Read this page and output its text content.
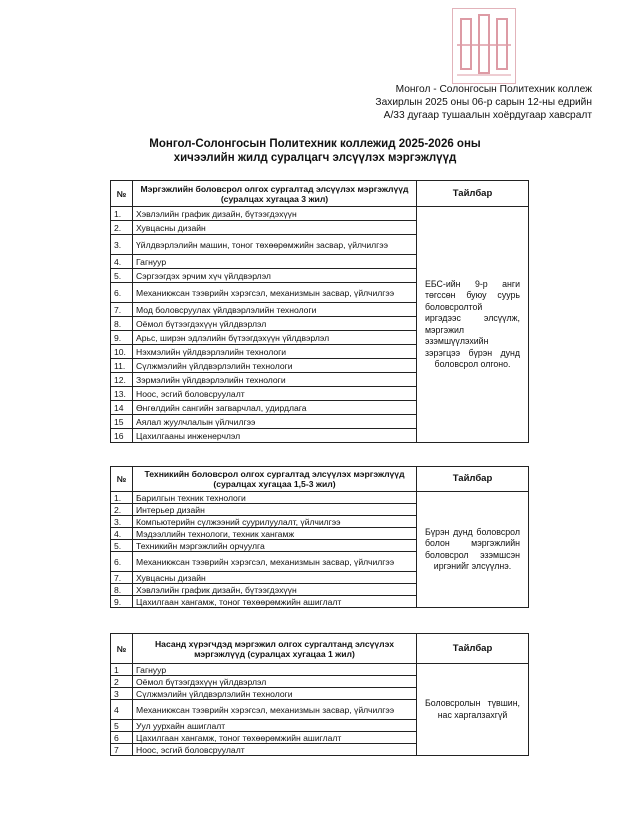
Монгол - Солонгосын Политехник коллеж
Захирлын 2025 оны 06-р сарын 12-ны едрийн
А/33 дугаар тушаалын хоёрдугаар хавсралт
Монгол-Солонгосын Политехник коллежид 2025-2026 оны
хичээлийн жилд суралцагч элсүүлэх мэргэжлүүд
№	Мэргэжлийн боловсрол олгох сургалтад элсүүлэх мэргэжлүүд (суралцах хугацаа 3 жил)	Тайлбар
1.	Хэвлэлийн график дизайн, бүтээгдэхүүн	ЕБС-ийн 9-р анги төгссөн буюу суурь боловсролтой иргэдээс элсүүлж, мэргэжил эзэмшүүлэхийн зэрэгцээ бүрэн дунд боловсрол олгоно.
2.	Хувцасны дизайн	
3.	Үйлдвэрлэлийн машин, тоног төхөөрөмжийн засвар, үйлчилгээ	
4.	Гагнуур	
5.	Сэргээгдэх эрчим хүч үйлдвэрлэл	
6.	Механикжсан тээврийн хэрэгсэл, механизмын засвар, үйлчилгээ	
7.	Мод боловсруулах үйлдвэрлэлийн технологи	
8.	Оёмол бүтээгдэхүүн үйлдвэрлэл	
9.	Арьс, ширэн эдлэлийн бүтээгдэхүүн үйлдвэрлэл	
10.	Нэхмэлийн үйлдвэрлэлийн технологи	
11.	Сүлжмэлийн үйлдвэрлэлийн технологи	
12.	Зэрмэлийн үйлдвэрлэлийн технологи	
13.	Ноос, эсгий боловсруулалт	
14	Өнгөлдийн сангийн загварчлал, удирдлага	
15	Аялал жуулчлалын үйлчилгээ	
16	Цахилгааны инженерчлэл	
№	Техникийн боловсрол олгох сургалтад элсүүлэх мэргэжлүүд (суралцах хугацаа 1,5-3 жил)	Тайлбар
1.	Барилгын техник технологи	Бүрэн дунд боловсрол болон мэргэжлийн боловсрол эзэмшсэн иргэнийг элсүүлнэ.
2.	Интерьер дизайн	
3.	Компьютерийн сүлжээний суурилуулалт, үйлчилгээ	
4.	Мэдээллийн технологи, техник хангамж	
5.	Техникийн мэргэжлийн орчуулга	
6.	Механикжсан тээврийн хэрэгсэл, механизмын засвар, үйлчилгээ	
7.	Хувцасны дизайн	
8.	Хэвлэлийн график дизайн, бүтээгдэхүүн	
9.	Цахилгаан хангамж, тоног төхөөрөмжийн ашиглалт	
№	Насанд хүрэгчдэд мэргэжил олгох сургалтанд элсүүлэх мэргэжлүүд (суралцах хугацаа 1 жил)	Тайлбар
1	Гагнуур	Боловсролын түвшин, нас харгалзахгүй
2	Оёмол бүтээгдэхүүн үйлдвэрлэл	
3	Сүлжмэлийн үйлдвэрлэлийн технологи	
4	Механикжсан тээврийн хэрэгсэл, механизмын засвар, үйлчилгээ	
5	Уул уурхайн ашиглалт	
6	Цахилгаан хангамж, тоног төхөөрөмжийн ашиглалт	
7	Ноос, эсгий боловсруулалт	
